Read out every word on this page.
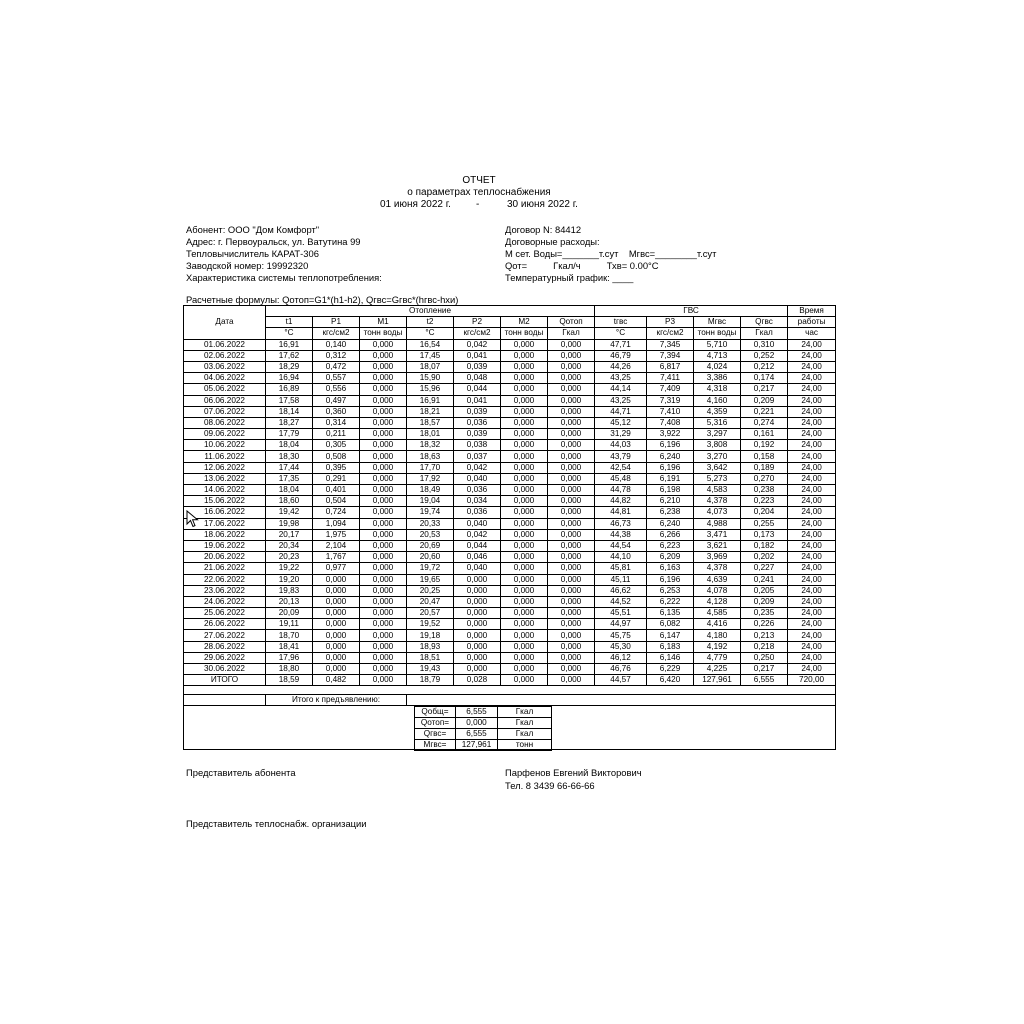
ОТЧЕТ
о параметрах теплоснабжения
01 июня 2022 г.	-	30 июня 2022 г.
Абонент: ООО "Дом Комфорт"
Адрес: г. Первоуральск, ул. Ватутина 99
Тепловычислитель КАРАТ-306
Заводской номер: 19992320
Характеристика системы теплопотребления:
Договор N: 84412
Договорные расходы:
М сет. Воды=_______т.сут    Мгвс=________т.сут
Qот=          Гкал/ч          Тхв= 0.00°С
Температурный график: ____
Расчетные формулы: Qотоп=G1*(h1-h2), Qгвс=Gгвс*(hгвс-hхи)
Дата	Отопление							ГВС				Время
	t1	P1	M1	t2	P2	M2	Qотоп	tгвс	P3	Мгвс	Qгвс	работы
	°С	кгс/см2	тонн воды	°С	кгс/см2	тонн воды	Гкал	°С	кгс/см2	тонн воды	Гкал	час
01.06.2022	16,91	0,140	0,000	16,54	0,042	0,000	0,000	47,71	7,345	5,710	0,310	24,00
02.06.2022	17,62	0,312	0,000	17,45	0,041	0,000	0,000	46,79	7,394	4,713	0,252	24,00
03.06.2022	18,29	0,472	0,000	18,07	0,039	0,000	0,000	44,26	6,817	4,024	0,212	24,00
04.06.2022	16,94	0,557	0,000	15,90	0,048	0,000	0,000	43,25	7,411	3,386	0,174	24,00
05.06.2022	16,89	0,556	0,000	15,96	0,044	0,000	0,000	44,14	7,409	4,318	0,217	24,00
06.06.2022	17,58	0,497	0,000	16,91	0,041	0,000	0,000	43,25	7,319	4,160	0,209	24,00
07.06.2022	18,14	0,360	0,000	18,21	0,039	0,000	0,000	44,71	7,410	4,359	0,221	24,00
08.06.2022	18,27	0,314	0,000	18,57	0,036	0,000	0,000	45,12	7,408	5,316	0,274	24,00
09.06.2022	17,79	0,211	0,000	18,01	0,039	0,000	0,000	31,29	3,922	3,297	0,161	24,00
10.06.2022	18,04	0,305	0,000	18,32	0,038	0,000	0,000	44,03	6,196	3,808	0,192	24,00
11.06.2022	18,30	0,508	0,000	18,63	0,037	0,000	0,000	43,79	6,240	3,270	0,158	24,00
12.06.2022	17,44	0,395	0,000	17,70	0,042	0,000	0,000	42,54	6,196	3,642	0,189	24,00
13.06.2022	17,35	0,291	0,000	17,92	0,040	0,000	0,000	45,48	6,191	5,273	0,270	24,00
14.06.2022	18,04	0,401	0,000	18,49	0,036	0,000	0,000	44,78	6,198	4,583	0,238	24,00
15.06.2022	18,60	0,504	0,000	19,04	0,034	0,000	0,000	44,82	6,210	4,378	0,223	24,00
16.06.2022	19,42	0,724	0,000	19,74	0,036	0,000	0,000	44,81	6,238	4,073	0,204	24,00
17.06.2022	19,98	1,094	0,000	20,33	0,040	0,000	0,000	46,73	6,240	4,988	0,255	24,00
18.06.2022	20,17	1,975	0,000	20,53	0,042	0,000	0,000	44,38	6,266	3,471	0,173	24,00
19.06.2022	20,34	2,104	0,000	20,69	0,044	0,000	0,000	44,54	6,223	3,621	0,182	24,00
20.06.2022	20,23	1,767	0,000	20,60	0,046	0,000	0,000	44,10	6,209	3,969	0,202	24,00
21.06.2022	19,22	0,977	0,000	19,72	0,040	0,000	0,000	45,81	6,163	4,378	0,227	24,00
22.06.2022	19,20	0,000	0,000	19,65	0,000	0,000	0,000	45,11	6,196	4,639	0,241	24,00
23.06.2022	19,83	0,000	0,000	20,25	0,000	0,000	0,000	46,62	6,253	4,078	0,205	24,00
24.06.2022	20,13	0,000	0,000	20,47	0,000	0,000	0,000	44,52	6,222	4,128	0,209	24,00
25.06.2022	20,09	0,000	0,000	20,57	0,000	0,000	0,000	45,51	6,135	4,585	0,235	24,00
26.06.2022	19,11	0,000	0,000	19,52	0,000	0,000	0,000	44,97	6,082	4,416	0,226	24,00
27.06.2022	18,70	0,000	0,000	19,18	0,000	0,000	0,000	45,75	6,147	4,180	0,213	24,00
28.06.2022	18,41	0,000	0,000	18,93	0,000	0,000	0,000	45,30	6,183	4,192	0,218	24,00
29.06.2022	17,96	0,000	0,000	18,51	0,000	0,000	0,000	46,12	6,146	4,779	0,250	24,00
30.06.2022	18,80	0,000	0,000	19,43	0,000	0,000	0,000	46,76	6,229	4,225	0,217	24,00
ИТОГО	18,59	0,482	0,000	18,79	0,028	0,000	0,000	44,57	6,420	127,961	6,555	720,00

	Итого к предъявлению:											

Qобщ=	6,555	Гкал
Qотоп=	0,000	Гкал
Qгвс=	6,555	Гкал
Мгвс=	127,961	тонн
Представитель абонента	Парфенов Евгений Викторович
Тел. 8 3439 66-66-66
Представитель теплоснабж. организации
